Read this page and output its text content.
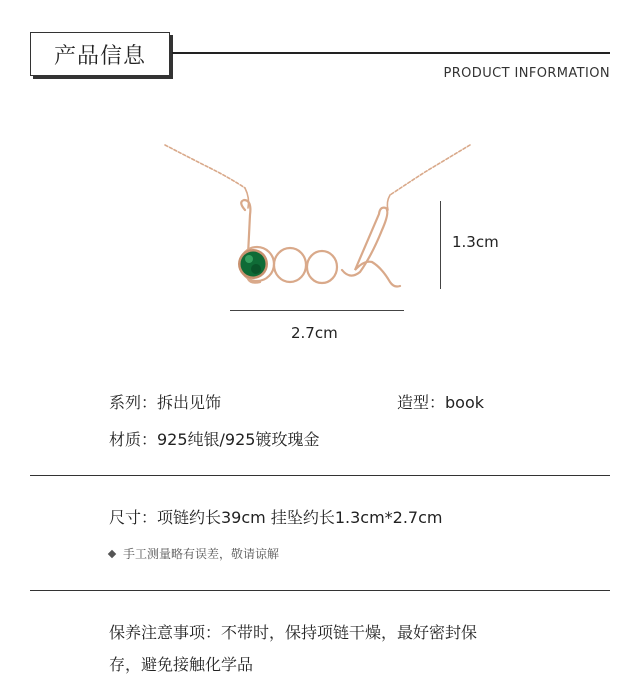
产品信息
PRODUCT INFORMATION
1.3cm
2.7cm
系列：拆出见饰	造型：book
材质：925纯银/925镀玫瑰金
尺寸：项链约长39cm 挂坠约长1.3cm*2.7cm
手工测量略有误差，敬请谅解
保养注意事项：不带时，保持项链干燥，最好密封保
存，避免接触化学品
